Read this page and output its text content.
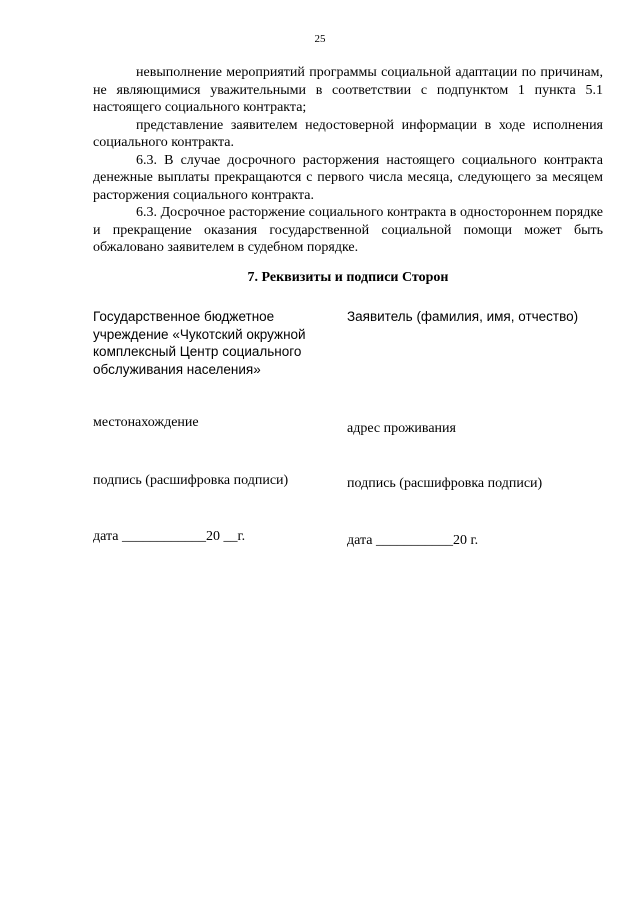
25

невыполнение мероприятий программы социальной адаптации по причинам, не являющимися уважительными в соответствии с подпунктом 1 пункта 5.1 настоящего социального контракта;

представление заявителем недостоверной информации в ходе исполнения социального контракта.

6.3. В случае досрочного расторжения настоящего социального контракта денежные выплаты прекращаются с первого числа месяца, следующего за месяцем расторжения социального контракта.

6.3. Досрочное расторжение социального контракта в одностороннем порядке и прекращение оказания государственной социальной помощи может быть обжаловано заявителем в судебном порядке.

7. Реквизиты и подписи Сторон
Государственное бюджетное учреждение «Чукотский окружной комплексный Центр социального обслуживания населения»
местонахождение
подпись (расшифровка подписи)
дата ____________20 __г.
Заявитель (фамилия, имя, отчество)
адрес проживания
подпись (расшифровка подписи)
дата ___________20 г.
